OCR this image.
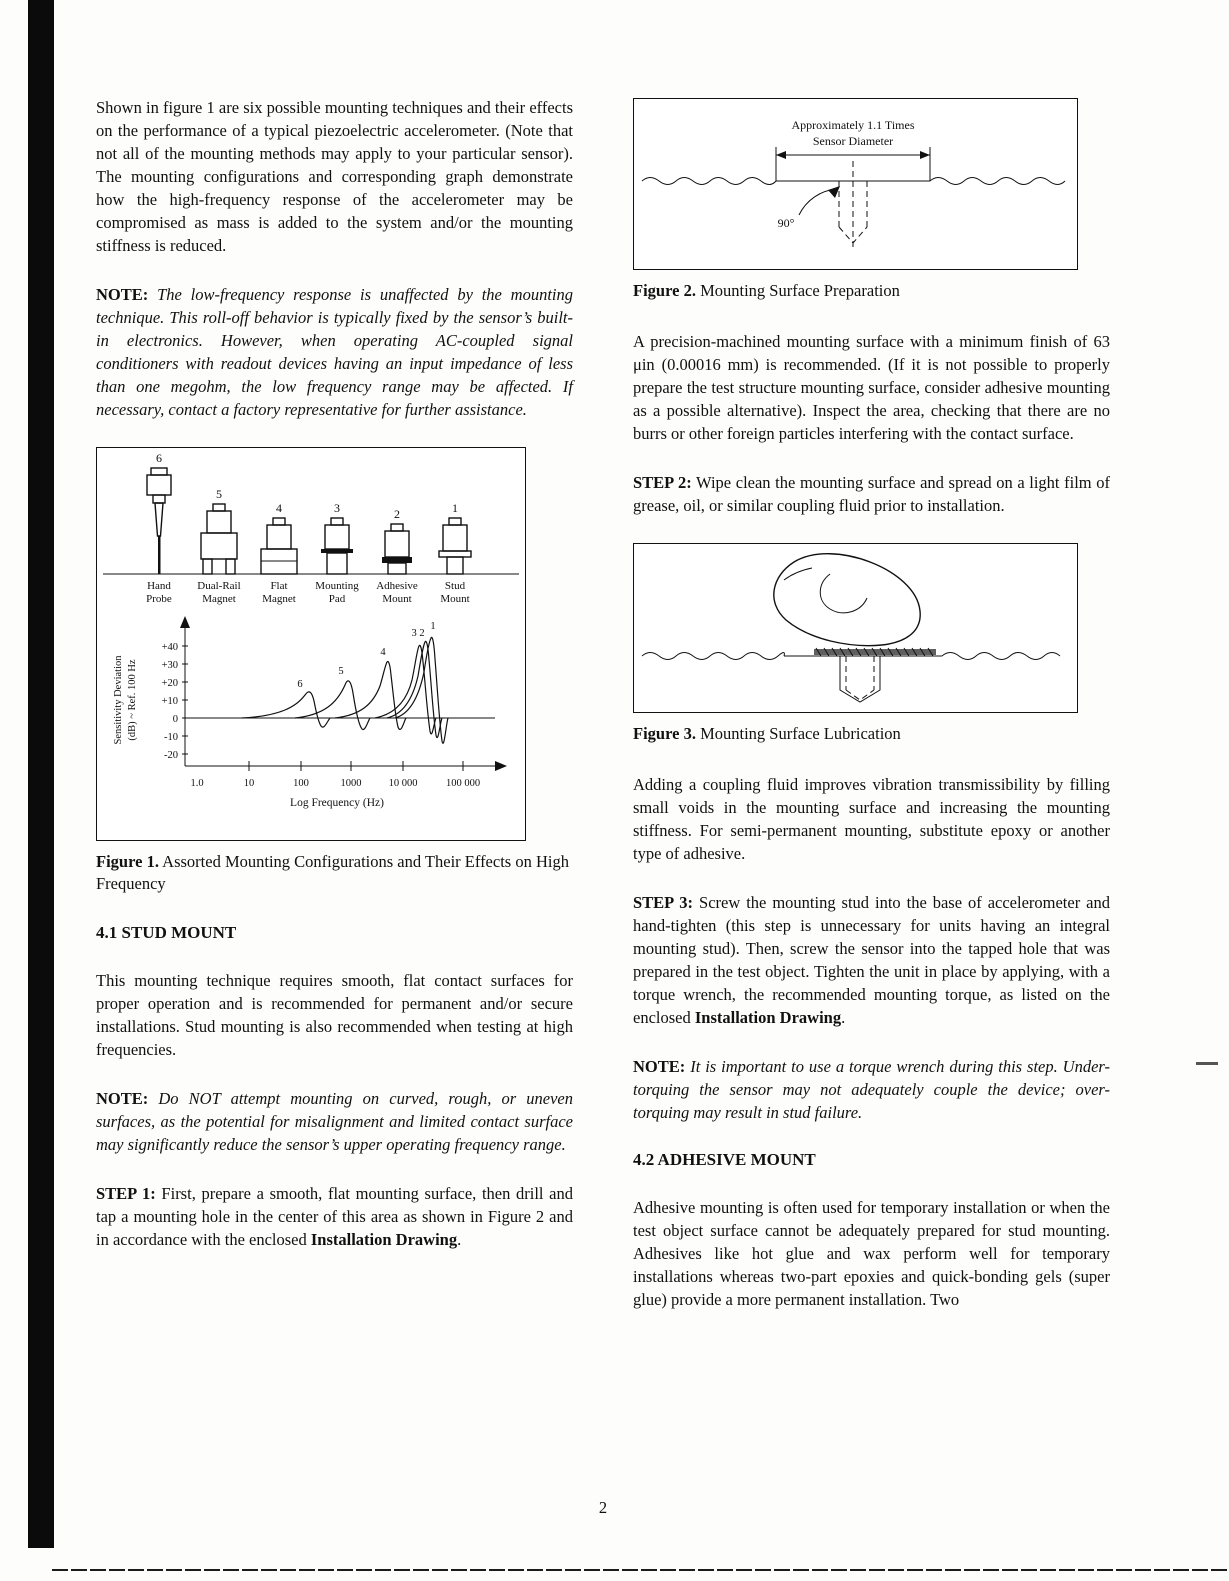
Shown in figure 1 are six possible mounting techniques and their effects on the performance of a typical piezoelectric accelerometer. (Note that not all of the mounting methods may apply to your particular sensor). The mounting configurations and corresponding graph demonstrate how the high-frequency response of the accelerometer may be compromised as mass is added to the system and/or the mounting stiffness is reduced.

NOTE: The low-frequency response is unaffected by the mounting technique. This roll-off behavior is typically fixed by the sensor’s built-in electronics. However, when operating AC-coupled signal conditioners with readout devices having an input impedance of less than one megohm, the low frequency range may be affected. If necessary, contact a factory representative for further assistance.

6
5
4	3	2	1
Hand
Probe
Dual-Rail
Magnet
Flat
Magnet
Mounting
Pad
Adhesive
Mount
Stud
Mount
Sensitivity Deviation (dB) ~ Ref. 100 Hz
+40
+30
+20
+10
0
-10
-20
1.0	10	100	1000	10 000	100 000
Log Frequency (Hz)
6
5
4
3 2
1

Figure 1. Assorted Mounting Configurations and Their Effects on High Frequency

4.1 STUD MOUNT

This mounting technique requires smooth, flat contact surfaces for proper operation and is recommended for permanent and/or secure installations. Stud mounting is also recommended when testing at high frequencies.

NOTE: Do NOT attempt mounting on curved, rough, or uneven surfaces, as the potential for misalignment and limited contact surface may significantly reduce the sensor’s upper operating frequency range.

STEP 1: First, prepare a smooth, flat mounting surface, then drill and tap a mounting hole in the center of this area as shown in Figure 2 and in accordance with the enclosed Installation Drawing.

Approximately 1.1 Times
Sensor Diameter
90°

Figure 2. Mounting Surface Preparation

A precision-machined mounting surface with a minimum finish of 63 μin (0.00016 mm) is recommended. (If it is not possible to properly prepare the test structure mounting surface, consider adhesive mounting as a possible alternative). Inspect the area, checking that there are no burrs or other foreign particles interfering with the contact surface.

STEP 2: Wipe clean the mounting surface and spread on a light film of grease, oil, or similar coupling fluid prior to installation.

Figure 3. Mounting Surface Lubrication

Adding a coupling fluid improves vibration transmissibility by filling small voids in the mounting surface and increasing the mounting stiffness. For semi-permanent mounting, substitute epoxy or another type of adhesive.

STEP 3: Screw the mounting stud into the base of accelerometer and hand-tighten (this step is unnecessary for units having an integral mounting stud). Then, screw the sensor into the tapped hole that was prepared in the test object. Tighten the unit in place by applying, with a torque wrench, the recommended mounting torque, as listed on the enclosed Installation Drawing.

NOTE: It is important to use a torque wrench during this step. Under-torquing the sensor may not adequately couple the device; over-torquing may result in stud failure.

4.2 ADHESIVE MOUNT

Adhesive mounting is often used for temporary installation or when the test object surface cannot be adequately prepared for stud mounting. Adhesives like hot glue and wax perform well for temporary installations whereas two-part epoxies and quick-bonding gels (super glue) provide a more permanent installation. Two

2
